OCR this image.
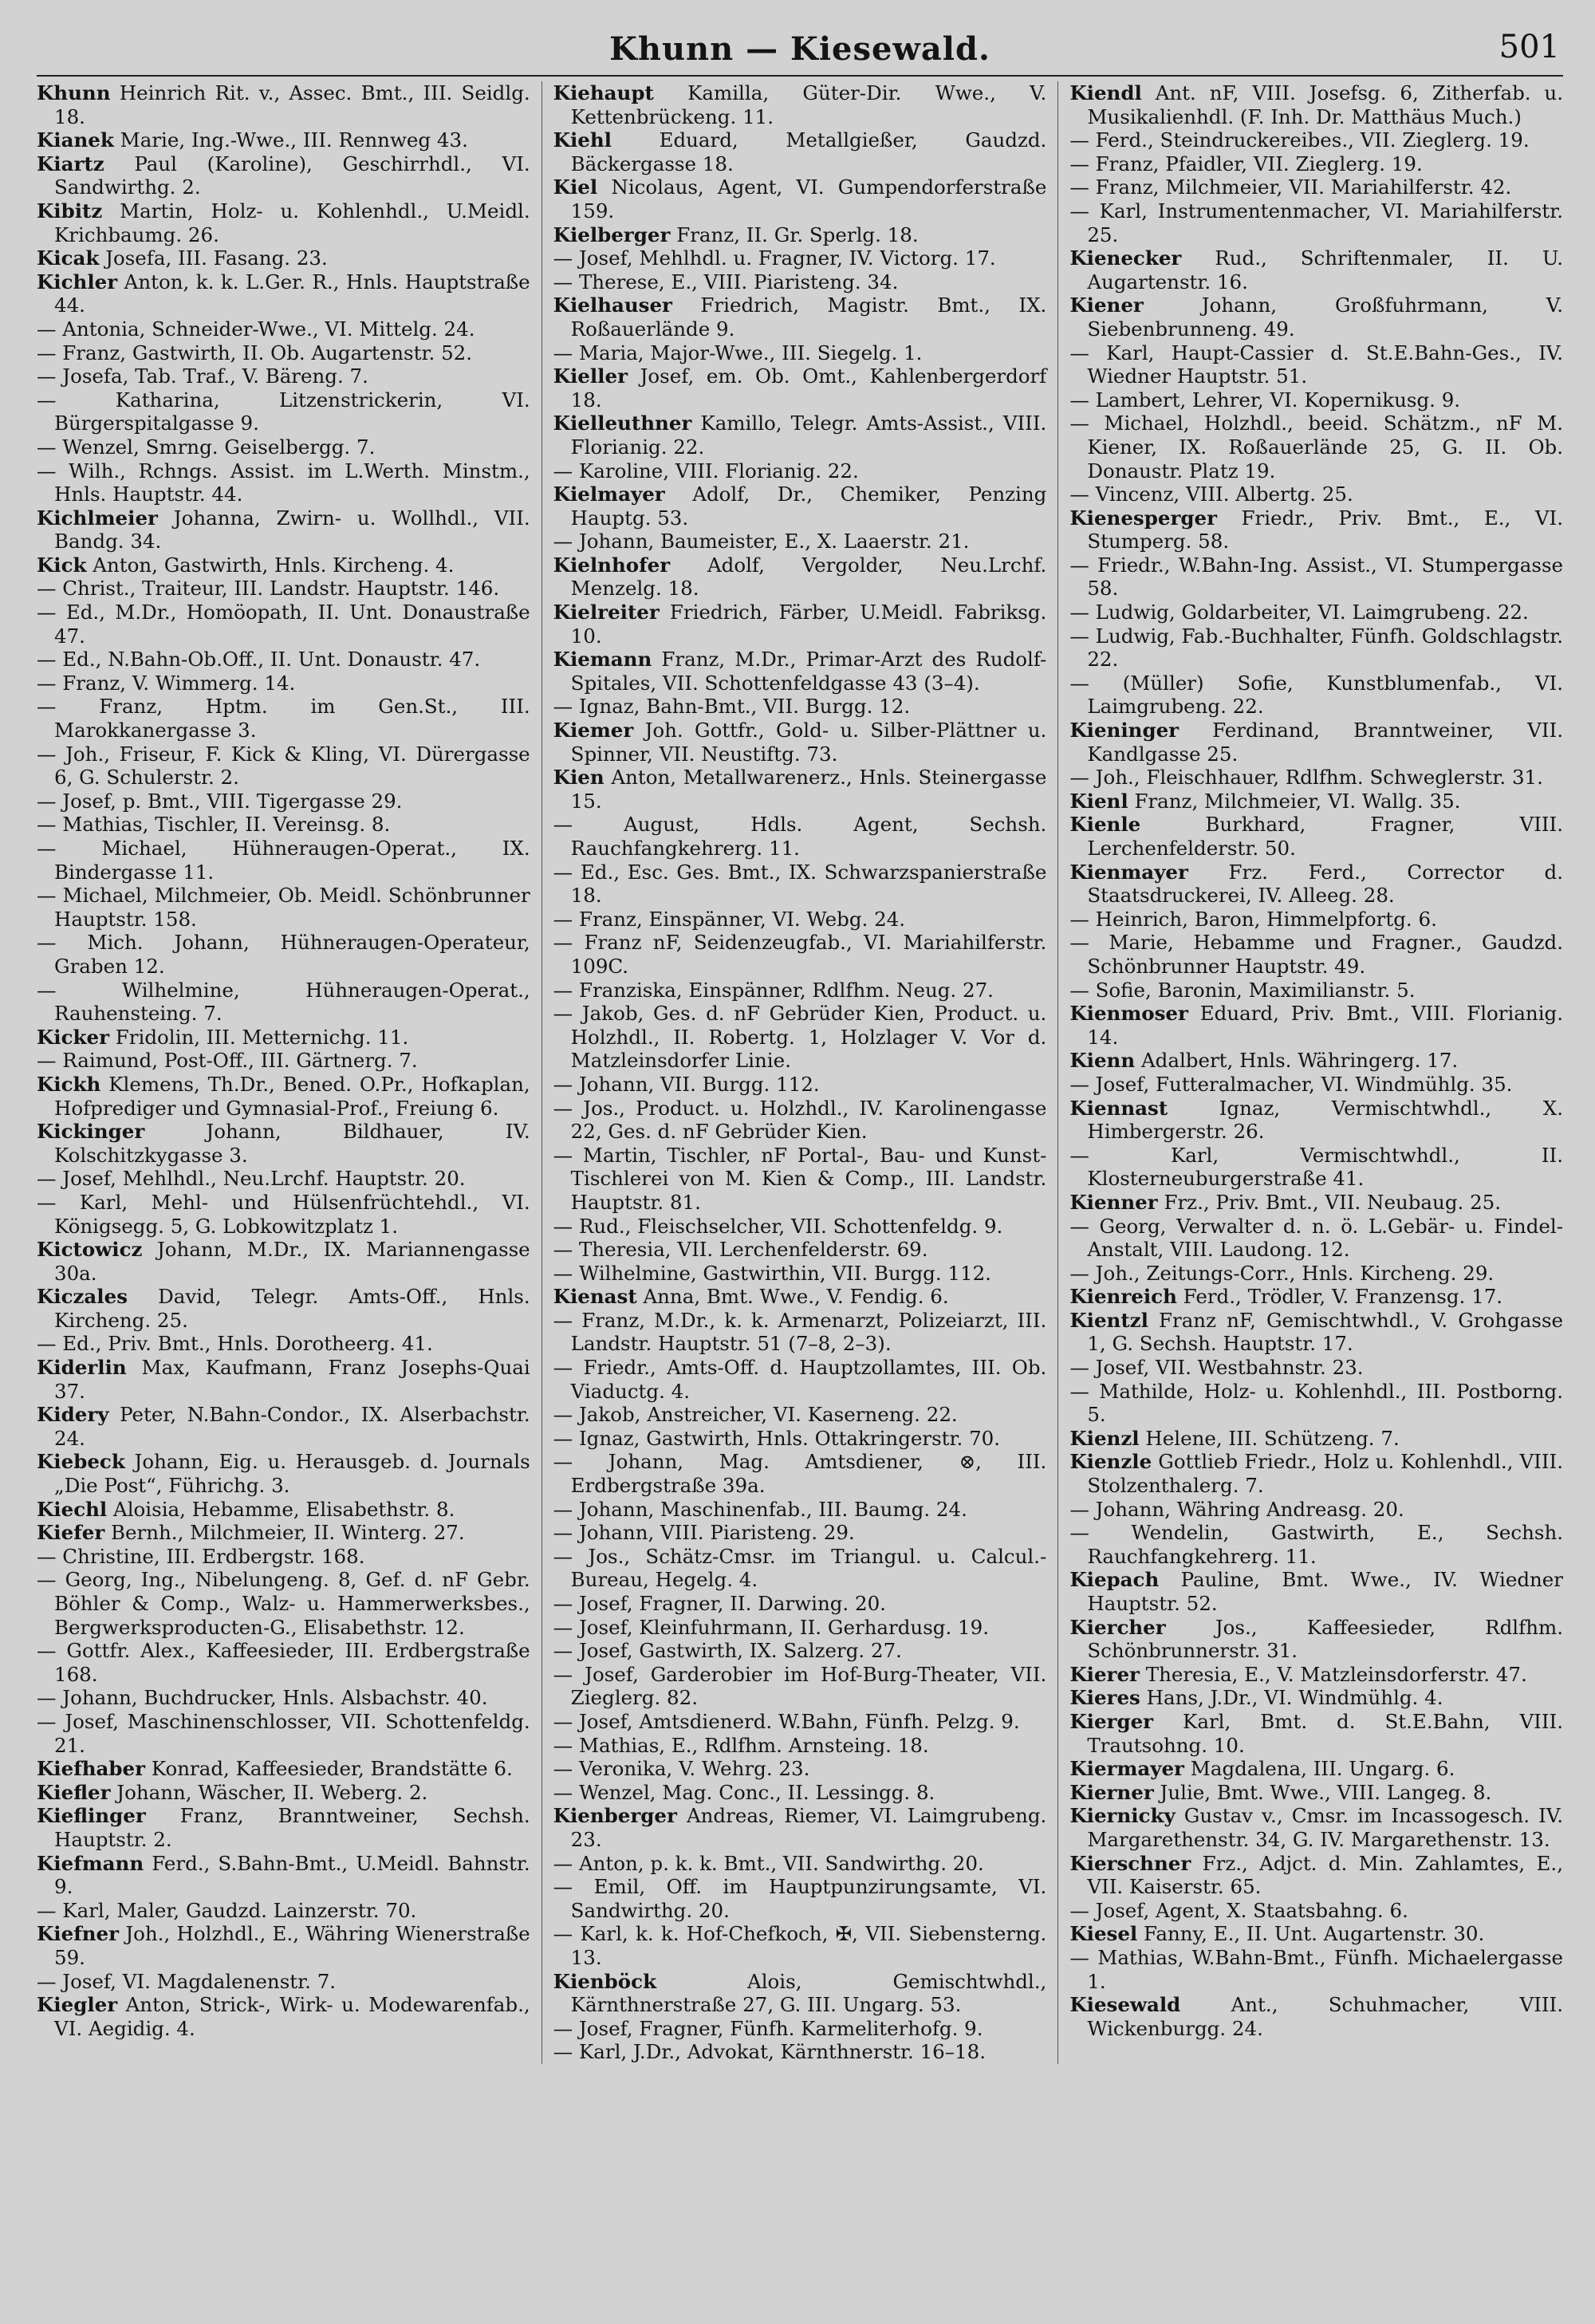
Khunn — Kiesewald.	501
Khunn Heinrich Rit. v., Assec. Bmt., III. Seidlg. 18.
Kianek Marie, Ing.-Wwe., III. Rennweg 43.
Kiartz Paul (Karoline), Geschirrhdl., VI. Sandwirthg. 2.
Kibitz Martin, Holz- u. Kohlenhdl., U.Meidl. Krichbaumg. 26.
Kicak Josefa, III. Fasang. 23.
Kichler Anton, k. k. L.Ger. R., Hnls. Hauptstraße 44.
— Antonia, Schneider-Wwe., VI. Mittelg. 24.
— Franz, Gastwirth, II. Ob. Augartenstr. 52.
— Josefa, Tab. Traf., V. Bäreng. 7.
— Katharina, Litzenstrickerin, VI. Bürgerspitalgasse 9.
— Wenzel, Smrng. Geiselbergg. 7.
— Wilh., Rchngs. Assist. im L.Werth. Minstm., Hnls. Hauptstr. 44.
Kichlmeier Johanna, Zwirn- u. Wollhdl., VII. Bandg. 34.
Kick Anton, Gastwirth, Hnls. Kircheng. 4.
— Christ., Traiteur, III. Landstr. Hauptstr. 146.
— Ed., M.Dr., Homöopath, II. Unt. Donaustraße 47.
— Ed., N.Bahn-Ob.Off., II. Unt. Donaustr. 47.
— Franz, V. Wimmerg. 14.
— Franz, Hptm. im Gen.St., III. Marokkanergasse 3.
— Joh., Friseur, F. Kick & Kling, VI. Dürergasse 6, G. Schulerstr. 2.
— Josef, p. Bmt., VIII. Tigergasse 29.
— Mathias, Tischler, II. Vereinsg. 8.
— Michael, Hühneraugen-Operat., IX. Bindergasse 11.
— Michael, Milchmeier, Ob. Meidl. Schönbrunner Hauptstr. 158.
— Mich. Johann, Hühneraugen-Operateur, Graben 12.
— Wilhelmine, Hühneraugen-Operat., Rauhensteing. 7.
Kicker Fridolin, III. Metternichg. 11.
— Raimund, Post-Off., III. Gärtnerg. 7.
Kickh Klemens, Th.Dr., Bened. O.Pr., Hofkaplan, Hofprediger und Gymnasial-Prof., Freiung 6.
Kickinger Johann, Bildhauer, IV. Kolschitzkygasse 3.
— Josef, Mehlhdl., Neu.Lrchf. Hauptstr. 20.
— Karl, Mehl- und Hülsenfrüchtehdl., VI. Königsegg. 5, G. Lobkowitzplatz 1.
Kictowicz Johann, M.Dr., IX. Mariannengasse 30a.
Kiczales David, Telegr. Amts-Off., Hnls. Kircheng. 25.
— Ed., Priv. Bmt., Hnls. Dorotheerg. 41.
Kiderlin Max, Kaufmann, Franz Josephs-Quai 37.
Kidery Peter, N.Bahn-Condor., IX. Alserbachstr. 24.
Kiebeck Johann, Eig. u. Herausgeb. d. Journals „Die Post“, Führichg. 3.
Kiechl Aloisia, Hebamme, Elisabethstr. 8.
Kiefer Bernh., Milchmeier, II. Winterg. 27.
— Christine, III. Erdbergstr. 168.
— Georg, Ing., Nibelungeng. 8, Gef. d. nF Gebr. Böhler & Comp., Walz- u. Hammerwerksbes., Bergwerksproducten-G., Elisabethstr. 12.
— Gottfr. Alex., Kaffeesieder, III. Erdbergstraße 168.
— Johann, Buchdrucker, Hnls. Alsbachstr. 40.
— Josef, Maschinenschlosser, VII. Schottenfeldg. 21.
Kiefhaber Konrad, Kaffeesieder, Brandstätte 6.
Kiefler Johann, Wäscher, II. Weberg. 2.
Kieflinger Franz, Branntweiner, Sechsh. Hauptstr. 2.
Kiefmann Ferd., S.Bahn-Bmt., U.Meidl. Bahnstr. 9.
— Karl, Maler, Gaudzd. Lainzerstr. 70.
Kiefner Joh., Holzhdl., E., Währing Wienerstraße 59.
— Josef, VI. Magdalenenstr. 7.
Kiegler Anton, Strick-, Wirk- u. Modewarenfab., VI. Aegidig. 4.
Kiehaupt Kamilla, Güter-Dir. Wwe., V. Kettenbrückeng. 11.
Kiehl Eduard, Metallgießer, Gaudzd. Bäckergasse 18.
Kiel Nicolaus, Agent, VI. Gumpendorferstraße 159.
Kielberger Franz, II. Gr. Sperlg. 18.
— Josef, Mehlhdl. u. Fragner, IV. Victorg. 17.
— Therese, E., VIII. Piaristeng. 34.
Kielhauser Friedrich, Magistr. Bmt., IX. Roßauerlände 9.
— Maria, Major-Wwe., III. Siegelg. 1.
Kieller Josef, em. Ob. Omt., Kahlenbergerdorf 18.
Kielleuthner Kamillo, Telegr. Amts-Assist., VIII. Florianig. 22.
— Karoline, VIII. Florianig. 22.
Kielmayer Adolf, Dr., Chemiker, Penzing Hauptg. 53.
— Johann, Baumeister, E., X. Laaerstr. 21.
Kielnhofer Adolf, Vergolder, Neu.Lrchf. Menzelg. 18.
Kielreiter Friedrich, Färber, U.Meidl. Fabriksg. 10.
Kiemann Franz, M.Dr., Primar-Arzt des Rudolf-Spitales, VII. Schottenfeldgasse 43 (3–4).
— Ignaz, Bahn-Bmt., VII. Burgg. 12.
Kiemer Joh. Gottfr., Gold- u. Silber-Plättner u. Spinner, VII. Neustiftg. 73.
Kien Anton, Metallwarenerz., Hnls. Steinergasse 15.
— August, Hdls. Agent, Sechsh. Rauchfangkehrerg. 11.
— Ed., Esc. Ges. Bmt., IX. Schwarzspanierstraße 18.
— Franz, Einspänner, VI. Webg. 24.
— Franz nF, Seidenzeugfab., VI. Mariahilferstr. 109C.
— Franziska, Einspänner, Rdlfhm. Neug. 27.
— Jakob, Ges. d. nF Gebrüder Kien, Product. u. Holzhdl., II. Robertg. 1, Holzlager V. Vor d. Matzleinsdorfer Linie.
— Johann, VII. Burgg. 112.
— Jos., Product. u. Holzhdl., IV. Karolinengasse 22, Ges. d. nF Gebrüder Kien.
— Martin, Tischler, nF Portal-, Bau- und Kunst-Tischlerei von M. Kien & Comp., III. Landstr. Hauptstr. 81.
— Rud., Fleischselcher, VII. Schottenfeldg. 9.
— Theresia, VII. Lerchenfelderstr. 69.
— Wilhelmine, Gastwirthin, VII. Burgg. 112.
Kienast Anna, Bmt. Wwe., V. Fendig. 6.
— Franz, M.Dr., k. k. Armenarzt, Polizeiarzt, III. Landstr. Hauptstr. 51 (7–8, 2–3).
— Friedr., Amts-Off. d. Hauptzollamtes, III. Ob. Viaductg. 4.
— Jakob, Anstreicher, VI. Kaserneng. 22.
— Ignaz, Gastwirth, Hnls. Ottakringerstr. 70.
— Johann, Mag. Amtsdiener, ⊗, III. Erdbergstraße 39a.
— Johann, Maschinenfab., III. Baumg. 24.
— Johann, VIII. Piaristeng. 29.
— Jos., Schätz-Cmsr. im Triangul. u. Calcul.-Bureau, Hegelg. 4.
— Josef, Fragner, II. Darwing. 20.
— Josef, Kleinfuhrmann, II. Gerhardusg. 19.
— Josef, Gastwirth, IX. Salzerg. 27.
— Josef, Garderobier im Hof-Burg-Theater, VII. Zieglerg. 82.
— Josef, Amtsdienerd. W.Bahn, Fünfh. Pelzg. 9.
— Mathias, E., Rdlfhm. Arnsteing. 18.
— Veronika, V. Wehrg. 23.
— Wenzel, Mag. Conc., II. Lessingg. 8.
Kienberger Andreas, Riemer, VI. Laimgrubeng. 23.
— Anton, p. k. k. Bmt., VII. Sandwirthg. 20.
— Emil, Off. im Hauptpunzirungsamte, VI. Sandwirthg. 20.
— Karl, k. k. Hof-Chefkoch, ✠, VII. Siebensterng. 13.
Kienböck Alois, Gemischtwhdl., Kärnthnerstraße 27, G. III. Ungarg. 53.
— Josef, Fragner, Fünfh. Karmeliterhofg. 9.
— Karl, J.Dr., Advokat, Kärnthnerstr. 16–18.
Kiendl Ant. nF, VIII. Josefsg. 6, Zitherfab. u. Musikalienhdl. (F. Inh. Dr. Matthäus Much.)
— Ferd., Steindruckereibes., VII. Zieglerg. 19.
— Franz, Pfaidler, VII. Zieglerg. 19.
— Franz, Milchmeier, VII. Mariahilferstr. 42.
— Karl, Instrumentenmacher, VI. Mariahilferstr. 25.
Kienecker Rud., Schriftenmaler, II. U. Augartenstr. 16.
Kiener Johann, Großfuhrmann, V. Siebenbrunneng. 49.
— Karl, Haupt-Cassier d. St.E.Bahn-Ges., IV. Wiedner Hauptstr. 51.
— Lambert, Lehrer, VI. Kopernikusg. 9.
— Michael, Holzhdl., beeid. Schätzm., nF M. Kiener, IX. Roßauerlände 25, G. II. Ob. Donaustr. Platz 19.
— Vincenz, VIII. Albertg. 25.
Kienesperger Friedr., Priv. Bmt., E., VI. Stumperg. 58.
— Friedr., W.Bahn-Ing. Assist., VI. Stumpergasse 58.
— Ludwig, Goldarbeiter, VI. Laimgrubeng. 22.
— Ludwig, Fab.-Buchhalter, Fünfh. Goldschlagstr. 22.
— (Müller) Sofie, Kunstblumenfab., VI. Laimgrubeng. 22.
Kieninger Ferdinand, Branntweiner, VII. Kandlgasse 25.
— Joh., Fleischhauer, Rdlfhm. Schweglerstr. 31.
Kienl Franz, Milchmeier, VI. Wallg. 35.
Kienle Burkhard, Fragner, VIII. Lerchenfelderstr. 50.
Kienmayer Frz. Ferd., Corrector d. Staatsdruckerei, IV. Alleeg. 28.
— Heinrich, Baron, Himmelpfortg. 6.
— Marie, Hebamme und Fragner., Gaudzd. Schönbrunner Hauptstr. 49.
— Sofie, Baronin, Maximilianstr. 5.
Kienmoser Eduard, Priv. Bmt., VIII. Florianig. 14.
Kienn Adalbert, Hnls. Währingerg. 17.
— Josef, Futteralmacher, VI. Windmühlg. 35.
Kiennast Ignaz, Vermischtwhdl., X. Himbergerstr. 26.
— Karl, Vermischtwhdl., II. Klosterneuburgerstraße 41.
Kienner Frz., Priv. Bmt., VII. Neubaug. 25.
— Georg, Verwalter d. n. ö. L.Gebär- u. Findel-Anstalt, VIII. Laudong. 12.
— Joh., Zeitungs-Corr., Hnls. Kircheng. 29.
Kienreich Ferd., Trödler, V. Franzensg. 17.
Kientzl Franz nF, Gemischtwhdl., V. Grohgasse 1, G. Sechsh. Hauptstr. 17.
— Josef, VII. Westbahnstr. 23.
— Mathilde, Holz- u. Kohlenhdl., III. Postborng. 5.
Kienzl Helene, III. Schützeng. 7.
Kienzle Gottlieb Friedr., Holz u. Kohlenhdl., VIII. Stolzenthalerg. 7.
— Johann, Währing Andreasg. 20.
— Wendelin, Gastwirth, E., Sechsh. Rauchfangkehrerg. 11.
Kiepach Pauline, Bmt. Wwe., IV. Wiedner Hauptstr. 52.
Kiercher Jos., Kaffeesieder, Rdlfhm. Schönbrunnerstr. 31.
Kierer Theresia, E., V. Matzleinsdorferstr. 47.
Kieres Hans, J.Dr., VI. Windmühlg. 4.
Kierger Karl, Bmt. d. St.E.Bahn, VIII. Trautsohng. 10.
Kiermayer Magdalena, III. Ungarg. 6.
Kierner Julie, Bmt. Wwe., VIII. Langeg. 8.
Kiernicky Gustav v., Cmsr. im Incassogesch. IV. Margarethenstr. 34, G. IV. Margarethenstr. 13.
Kierschner Frz., Adjct. d. Min. Zahlamtes, E., VII. Kaiserstr. 65.
— Josef, Agent, X. Staatsbahng. 6.
Kiesel Fanny, E., II. Unt. Augartenstr. 30.
— Mathias, W.Bahn-Bmt., Fünfh. Michaelergasse 1.
Kiesewald Ant., Schuhmacher, VIII. Wickenburgg. 24.
